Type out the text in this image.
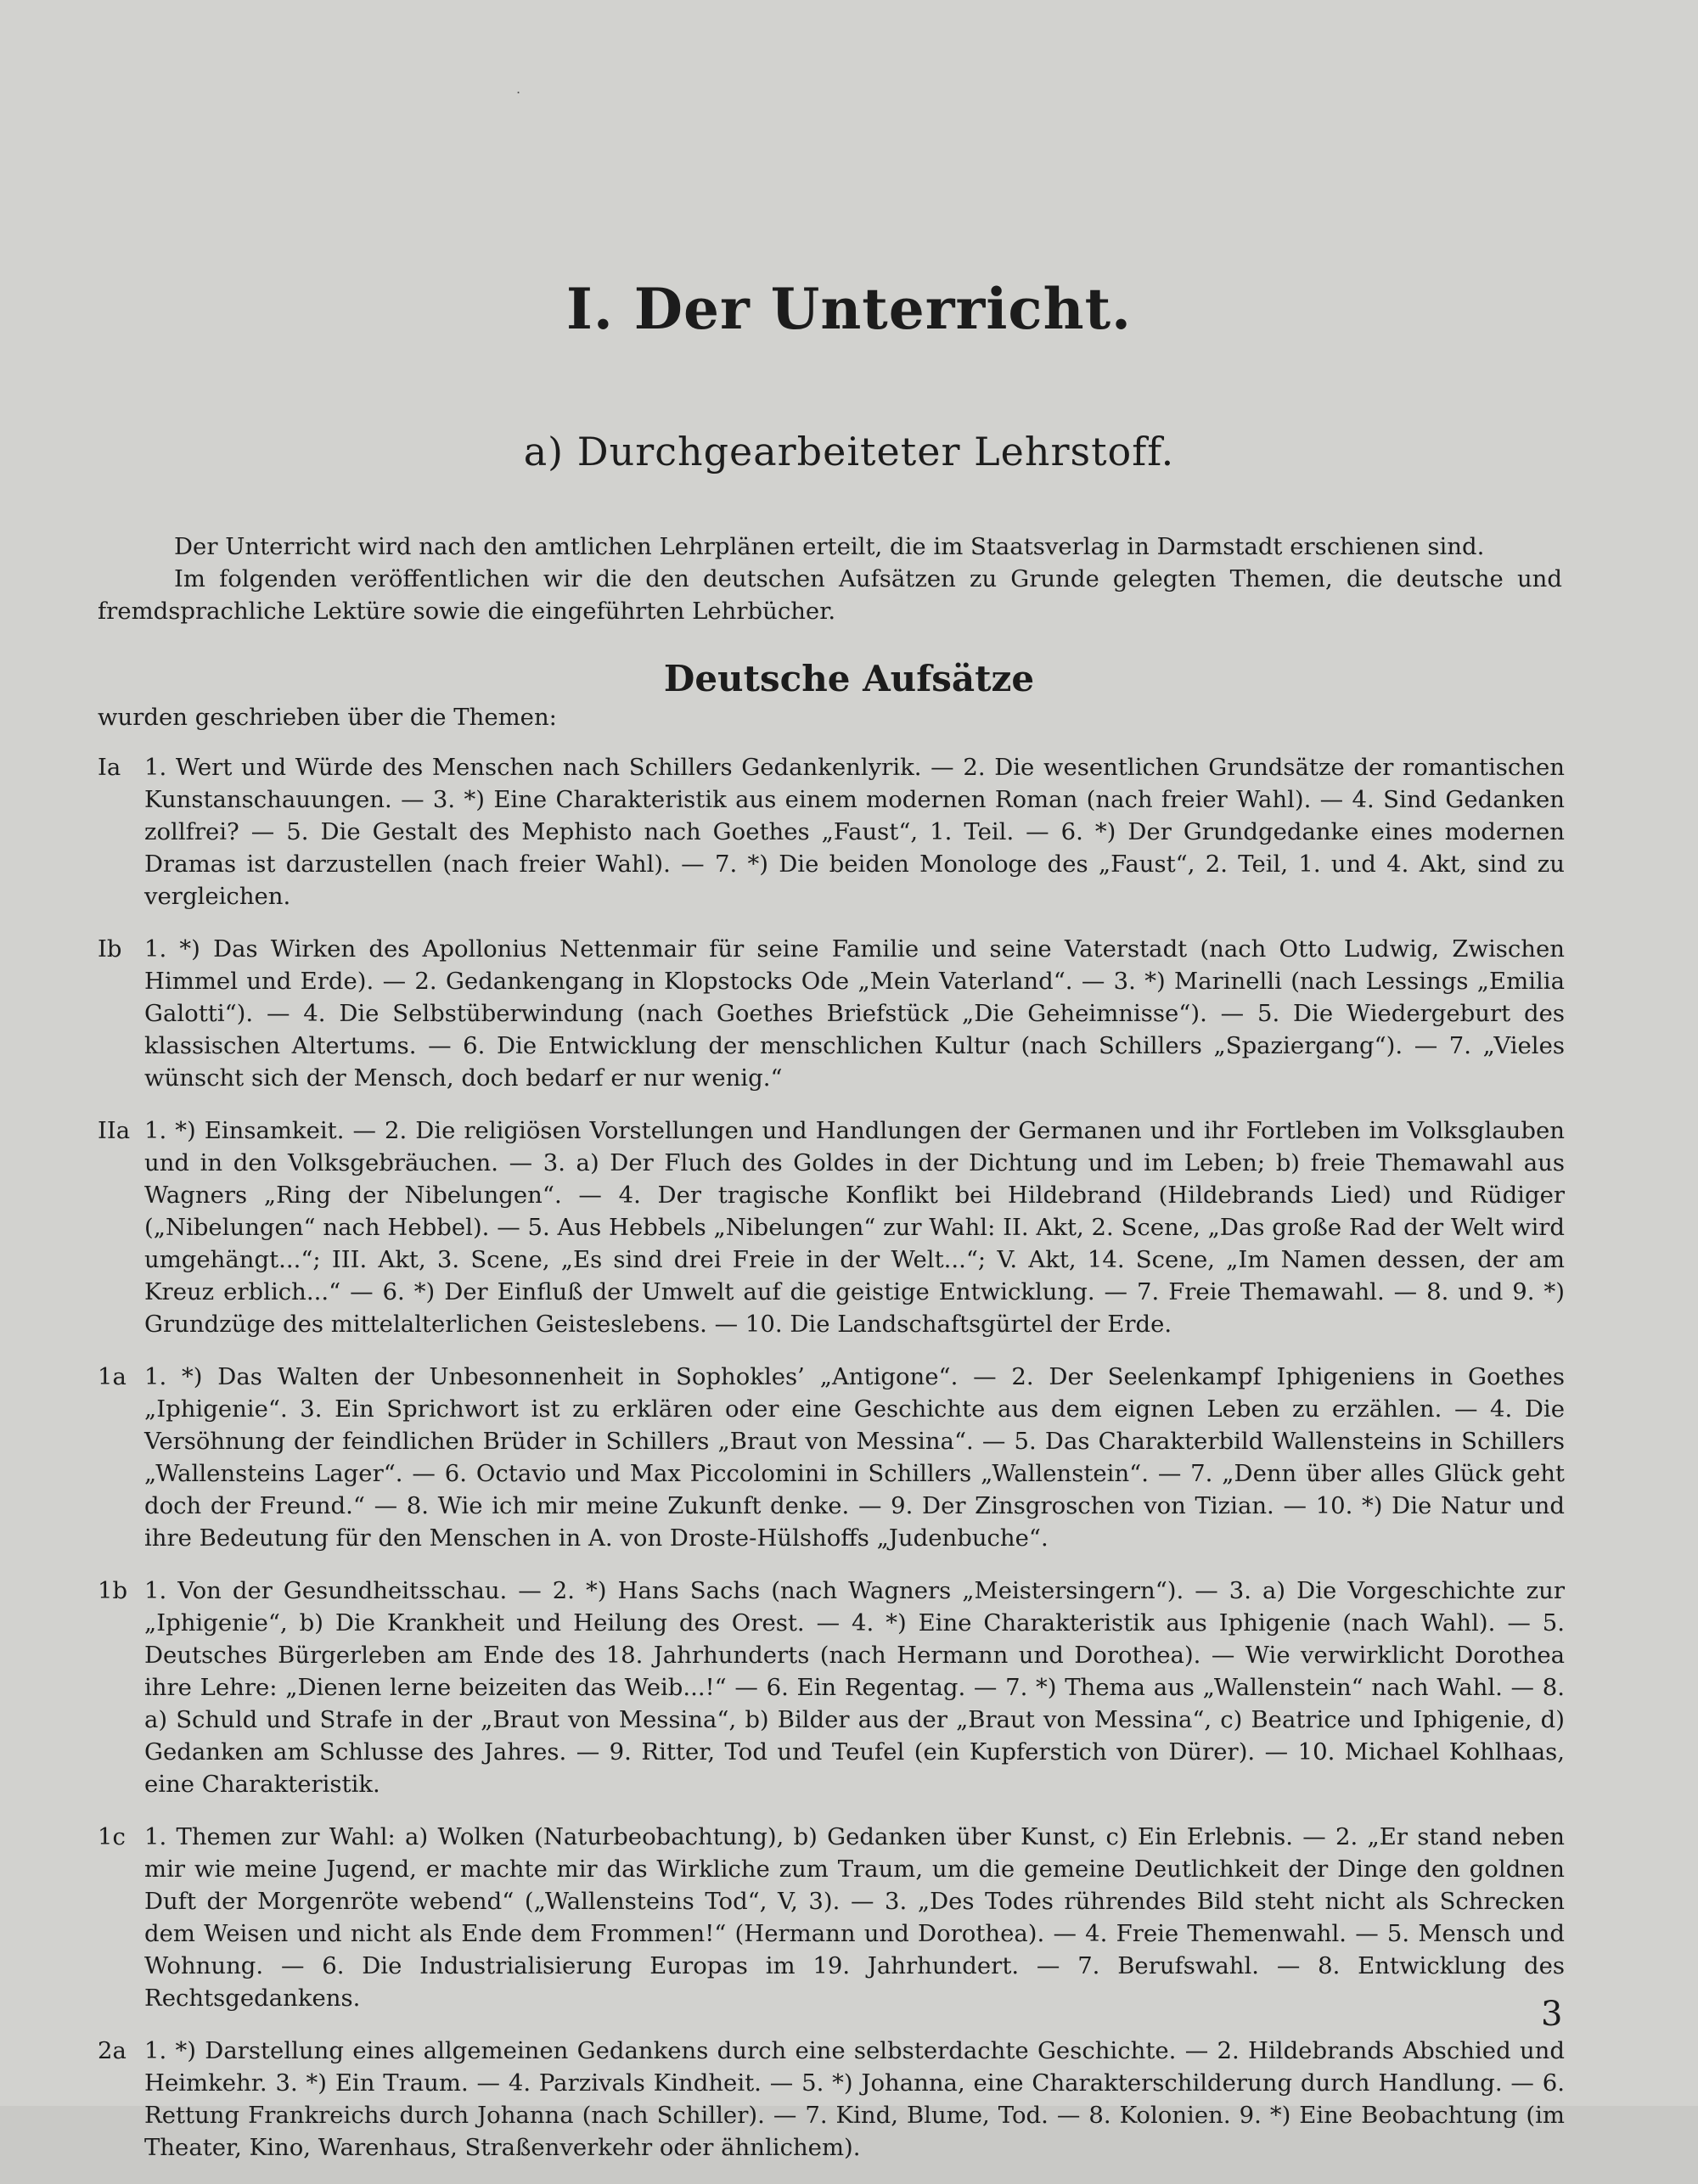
.
I. Der Unterricht.
a) Durchgearbeiteter Lehrstoff.

Der Unterricht wird nach den amtlichen Lehrplänen erteilt, die im Staatsverlag in Darmstadt erschienen sind.

Im folgenden veröffentlichen wir die den deutschen Aufsätzen zu Grunde gelegten Themen, die deutsche und fremdsprachliche Lektüre sowie die eingeführten Lehrbücher.

Deutsche Aufsätze
wurden geschrieben über die Themen:
Ia 1. Wert und Würde des Menschen nach Schillers Gedankenlyrik. — 2. Die wesentlichen Grundsätze der romantischen Kunstanschauungen. — 3. *) Eine Charakteristik aus einem modernen Roman (nach freier Wahl). — 4. Sind Gedanken zollfrei? — 5. Die Gestalt des Mephisto nach Goethes „Faust“, 1. Teil. — 6. *) Der Grundgedanke eines modernen Dramas ist darzustellen (nach freier Wahl). — 7. *) Die beiden Monologe des „Faust“, 2. Teil, 1. und 4. Akt, sind zu vergleichen.
Ib 1. *) Das Wirken des Apollonius Nettenmair für seine Familie und seine Vaterstadt (nach Otto Ludwig, Zwischen Himmel und Erde). — 2. Gedankengang in Klopstocks Ode „Mein Vaterland“. — 3. *) Marinelli (nach Lessings „Emilia Galotti“). — 4. Die Selbstüberwindung (nach Goethes Briefstück „Die Geheimnisse“). — 5. Die Wiedergeburt des klassischen Altertums. — 6. Die Entwicklung der menschlichen Kultur (nach Schillers „Spaziergang“). — 7. „Vieles wünscht sich der Mensch, doch bedarf er nur wenig.“
IIa 1. *) Einsamkeit. — 2. Die religiösen Vorstellungen und Handlungen der Germanen und ihr Fortleben im Volksglauben und in den Volksgebräuchen. — 3. a) Der Fluch des Goldes in der Dichtung und im Leben; b) freie Themawahl aus Wagners „Ring der Nibelungen“. — 4. Der tragische Konflikt bei Hildebrand (Hildebrands Lied) und Rüdiger („Nibelungen“ nach Hebbel). — 5. Aus Hebbels „Nibelungen“ zur Wahl: II. Akt, 2. Scene, „Das große Rad der Welt wird umgehängt...“; III. Akt, 3. Scene, „Es sind drei Freie in der Welt...“; V. Akt, 14. Scene, „Im Namen dessen, der am Kreuz erblich...“ — 6. *) Der Einfluß der Umwelt auf die geistige Entwicklung. — 7. Freie Themawahl. — 8. und 9. *) Grundzüge des mittelalterlichen Geisteslebens. — 10. Die Landschaftsgürtel der Erde.
1a 1. *) Das Walten der Unbesonnenheit in Sophokles’ „Antigone“. — 2. Der Seelenkampf Iphigeniens in Goethes „Iphigenie“. 3. Ein Sprichwort ist zu erklären oder eine Geschichte aus dem eignen Leben zu erzählen. — 4. Die Versöhnung der feindlichen Brüder in Schillers „Braut von Messina“. — 5. Das Charakterbild Wallensteins in Schillers „Wallensteins Lager“. — 6. Octavio und Max Piccolomini in Schillers „Wallenstein“. — 7. „Denn über alles Glück geht doch der Freund.“ — 8. Wie ich mir meine Zukunft denke. — 9. Der Zinsgroschen von Tizian. — 10. *) Die Natur und ihre Bedeutung für den Menschen in A. von Droste-Hülshoffs „Judenbuche“.
1b 1. Von der Gesundheitsschau. — 2. *) Hans Sachs (nach Wagners „Meistersingern“). — 3. a) Die Vorgeschichte zur „Iphigenie“, b) Die Krankheit und Heilung des Orest. — 4. *) Eine Charakteristik aus Iphigenie (nach Wahl). — 5. Deutsches Bürgerleben am Ende des 18. Jahrhunderts (nach Hermann und Dorothea). — Wie verwirklicht Dorothea ihre Lehre: „Dienen lerne beizeiten das Weib...!“ — 6. Ein Regentag. — 7. *) Thema aus „Wallenstein“ nach Wahl. — 8. a) Schuld und Strafe in der „Braut von Messina“, b) Bilder aus der „Braut von Messina“, c) Beatrice und Iphigenie, d) Gedanken am Schlusse des Jahres. — 9. Ritter, Tod und Teufel (ein Kupferstich von Dürer). — 10. Michael Kohlhaas, eine Charakteristik.
1c 1. Themen zur Wahl: a) Wolken (Naturbeobachtung), b) Gedanken über Kunst, c) Ein Erlebnis. — 2. „Er stand neben mir wie meine Jugend, er machte mir das Wirkliche zum Traum, um die gemeine Deutlichkeit der Dinge den goldnen Duft der Morgenröte webend“ („Wallensteins Tod“, V, 3). — 3. „Des Todes rührendes Bild steht nicht als Schrecken dem Weisen und nicht als Ende dem Frommen!“ (Hermann und Dorothea). — 4. Freie Themenwahl. — 5. Mensch und Wohnung. — 6. Die Industrialisierung Europas im 19. Jahrhundert. — 7. Berufswahl. — 8. Entwicklung des Rechtsgedankens.
2a 1. *) Darstellung eines allgemeinen Gedankens durch eine selbsterdachte Geschichte. — 2. Hildebrands Abschied und Heimkehr. 3. *) Ein Traum. — 4. Parzivals Kindheit. — 5. *) Johanna, eine Charakterschilderung durch Handlung. — 6. Rettung Frankreichs durch Johanna (nach Schiller). — 7. Kind, Blume, Tod. — 8. Kolonien. 9. *) Eine Beobachtung (im Theater, Kino, Warenhaus, Straßenverkehr oder ähnlichem).
3
